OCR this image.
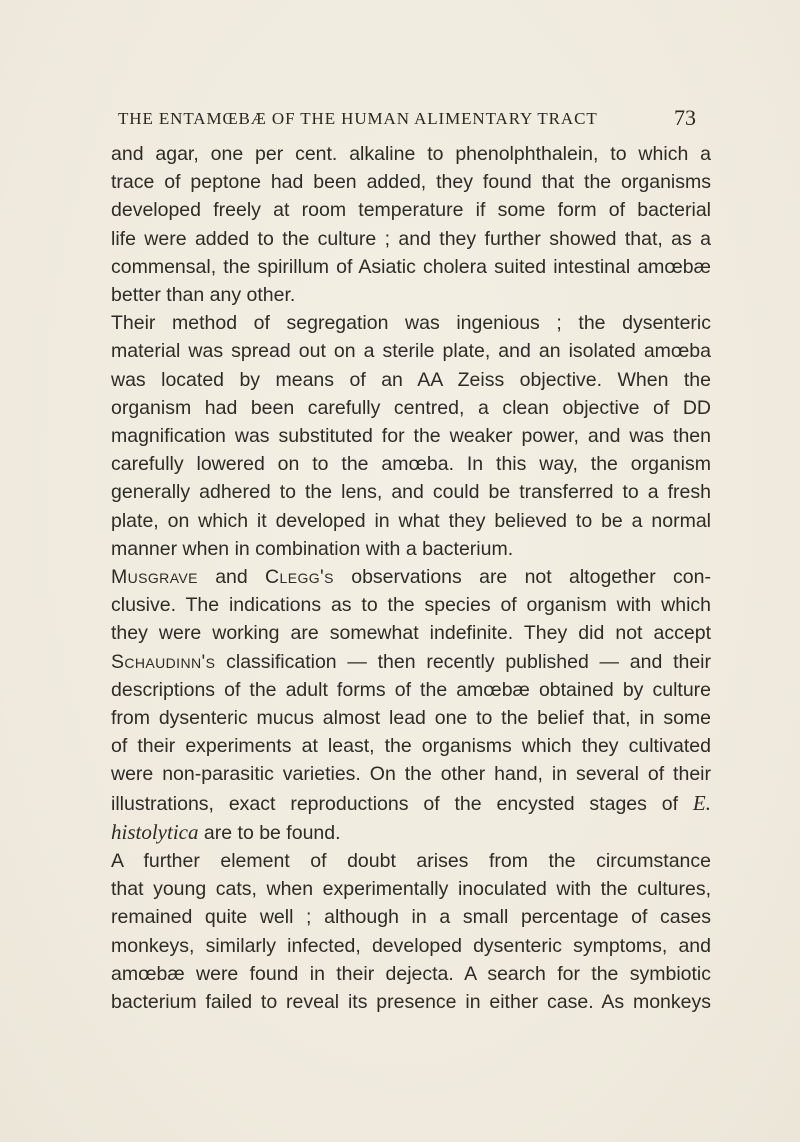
THE ENTAMŒBÆ OF THE HUMAN ALIMENTARY TRACT	73
and agar, one per cent. alkaline to phenolphthalein, to which a
trace of peptone had been added, they found that the organisms
developed freely at room temperature if some form of bacterial
life were added to the culture ; and they further showed that, as a
commensal, the spirillum of Asiatic cholera suited intestinal amœbæ
better than any other.
Their method of segregation was ingenious ; the dysenteric
material was spread out on a sterile plate, and an isolated amœba
was located by means of an AA Zeiss objective. When the
organism had been carefully centred, a clean objective of DD
magnification was substituted for the weaker power, and was then
carefully lowered on to the amœba. In this way, the organism
generally adhered to the lens, and could be transferred to a fresh
plate, on which it developed in what they believed to be a normal
manner when in combination with a bacterium.
Musgrave and Clegg's observations are not altogether con-
clusive. The indications as to the species of organism with which
they were working are somewhat indefinite. They did not accept
Schaudinn's classification — then recently published — and their
descriptions of the adult forms of the amœbæ obtained by culture
from dysenteric mucus almost lead one to the belief that, in some
of their experiments at least, the organisms which they cultivated
were non-parasitic varieties. On the other hand, in several of their
illustrations, exact reproductions of the encysted stages of E.
histolytica are to be found.
A further element of doubt arises from the circumstance
that young cats, when experimentally inoculated with the cultures,
remained quite well ; although in a small percentage of cases
monkeys, similarly infected, developed dysenteric symptoms, and
amœbæ were found in their dejecta. A search for the symbiotic
bacterium failed to reveal its presence in either case. As monkeys
